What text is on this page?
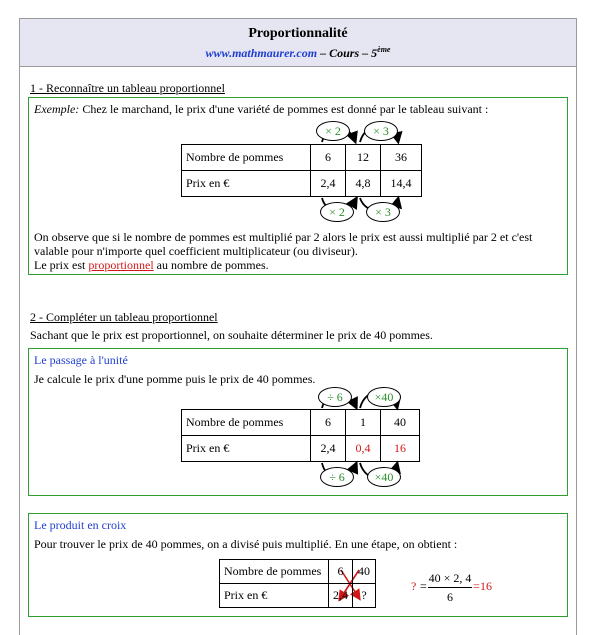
Proportionnalité
www.mathmaurer.com – Cours – 5ème
1 - Reconnaître un tableau proportionnel
Exemple: Chez le marchand, le prix d'une variété de pommes est donné par le tableau suivant :
Nombre de pommes	6	12	36
Prix en €	2,4	4,8	14,4
× 2	× 3
× 2	× 3
On observe que si le nombre de pommes est multiplié par 2 alors le prix est aussi multiplié par 2 et c'est
valable pour n'importe quel coefficient multiplicateur (ou diviseur).
Le prix est proportionnel au nombre de pommes.
2 - Compléter un tableau proportionnel
Sachant que le prix est proportionnel, on souhaite déterminer le prix de 40 pommes.
Le passage à l'unité
Je calcule le prix d'une pomme puis le prix de 40 pommes.
Nombre de pommes	6	1	40
Prix en €	2,4	0,4	16
÷ 6	×40
÷ 6	×40
Le produit en croix
Pour trouver le prix de 40 pommes, on a divisé puis multiplié. En une étape, on obtient :
Nombre de pommes	6	40
Prix en €	2,4	?
? =
40 × 2, 4
6
= 16
